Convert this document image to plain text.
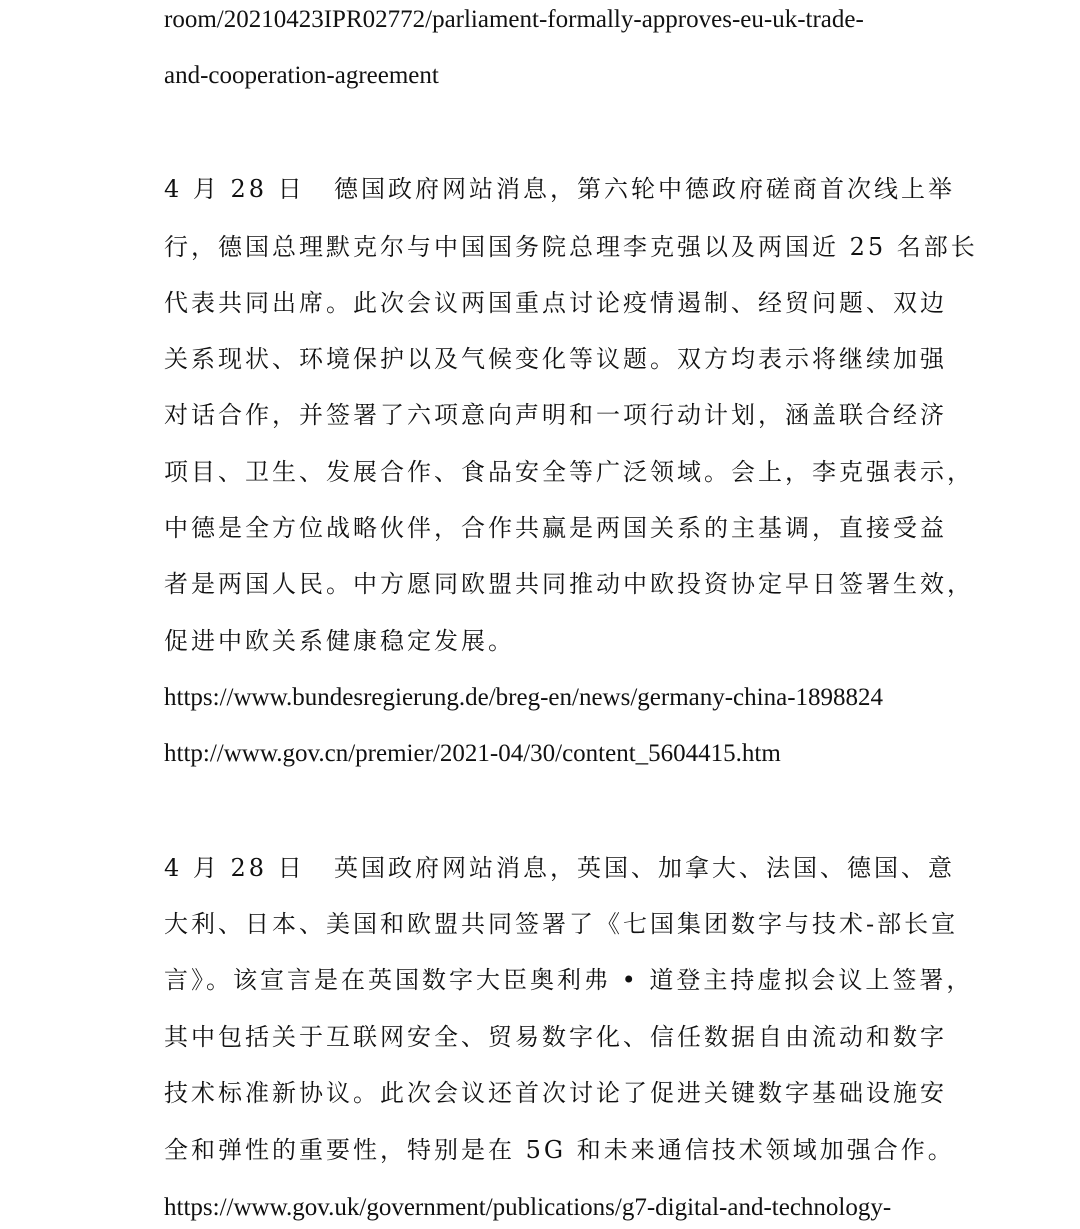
room/20210423IPR02772/parliament-formally-approves-eu-uk-trade-
and-cooperation-agreement
4 月 28 日 德国政府网站消息，第六轮中德政府磋商首次线上举
行，德国总理默克尔与中国国务院总理李克强以及两国近 25 名部长
代表共同出席。此次会议两国重点讨论疫情遏制、经贸问题、双边
关系现状、环境保护以及气候变化等议题。双方均表示将继续加强
对话合作，并签署了六项意向声明和一项行动计划，涵盖联合经济
项目、卫生、发展合作、食品安全等广泛领域。会上，李克强表示，
中德是全方位战略伙伴，合作共赢是两国关系的主基调，直接受益
者是两国人民。中方愿同欧盟共同推动中欧投资协定早日签署生效，
促进中欧关系健康稳定发展。
https://www.bundesregierung.de/breg-en/news/germany-china-1898824
http://www.gov.cn/premier/2021-04/30/content_5604415.htm
4 月 28 日 英国政府网站消息，英国、加拿大、法国、德国、意
大利、日本、美国和欧盟共同签署了《七国集团数字与技术-部长宣
言》。该宣言是在英国数字大臣奥利弗 • 道登主持虚拟会议上签署，
其中包括关于互联网安全、贸易数字化、信任数据自由流动和数字
技术标准新协议。此次会议还首次讨论了促进关键数字基础设施安
全和弹性的重要性，特别是在 5G 和未来通信技术领域加强合作。
https://www.gov.uk/government/publications/g7-digital-and-technology-
